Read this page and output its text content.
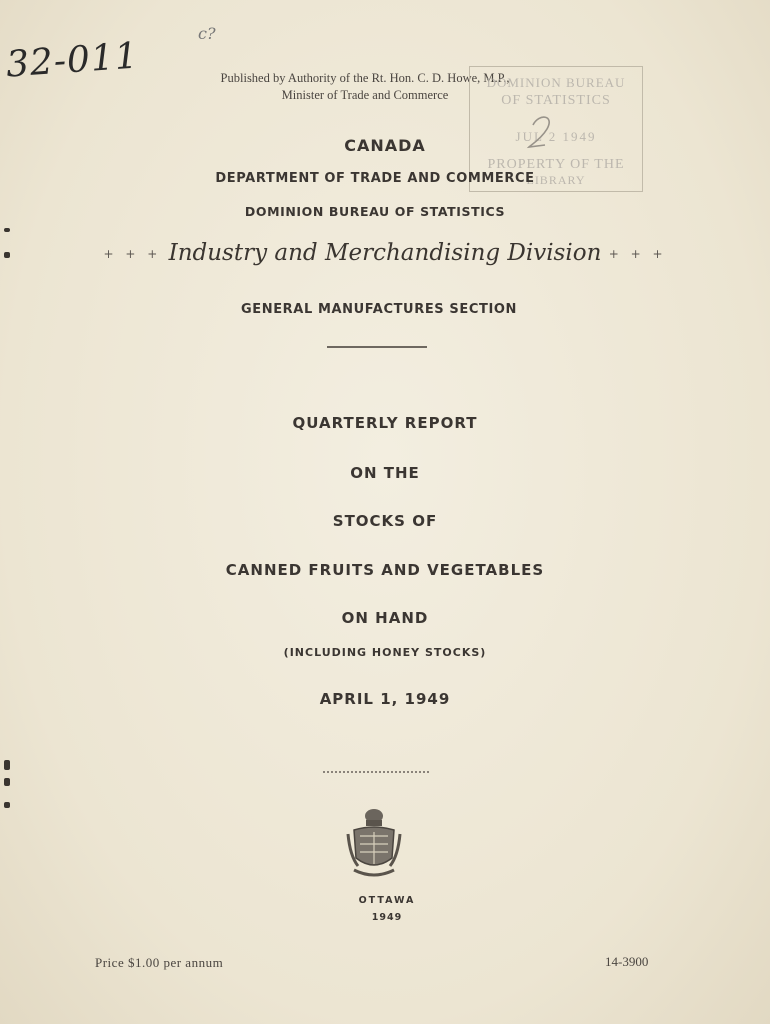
32-011
c?
Published by Authority of the Rt. Hon. C. D. Howe, M.P.,
Minister of Trade and Commerce
DOMINION BUREAU
OF STATISTICS
JUL 2 1949
PROPERTY OF THE
LIBRARY
CANADA
DEPARTMENT OF TRADE AND COMMERCE
DOMINION BUREAU OF STATISTICS
+ + + Industry and Merchandising Division + + +
GENERAL MANUFACTURES SECTION
QUARTERLY REPORT
ON THE
STOCKS OF
CANNED FRUITS AND VEGETABLES
ON HAND
(INCLUDING HONEY STOCKS)
APRIL 1, 1949
OTTAWA
1949
Price $1.00 per annum	14-3900
